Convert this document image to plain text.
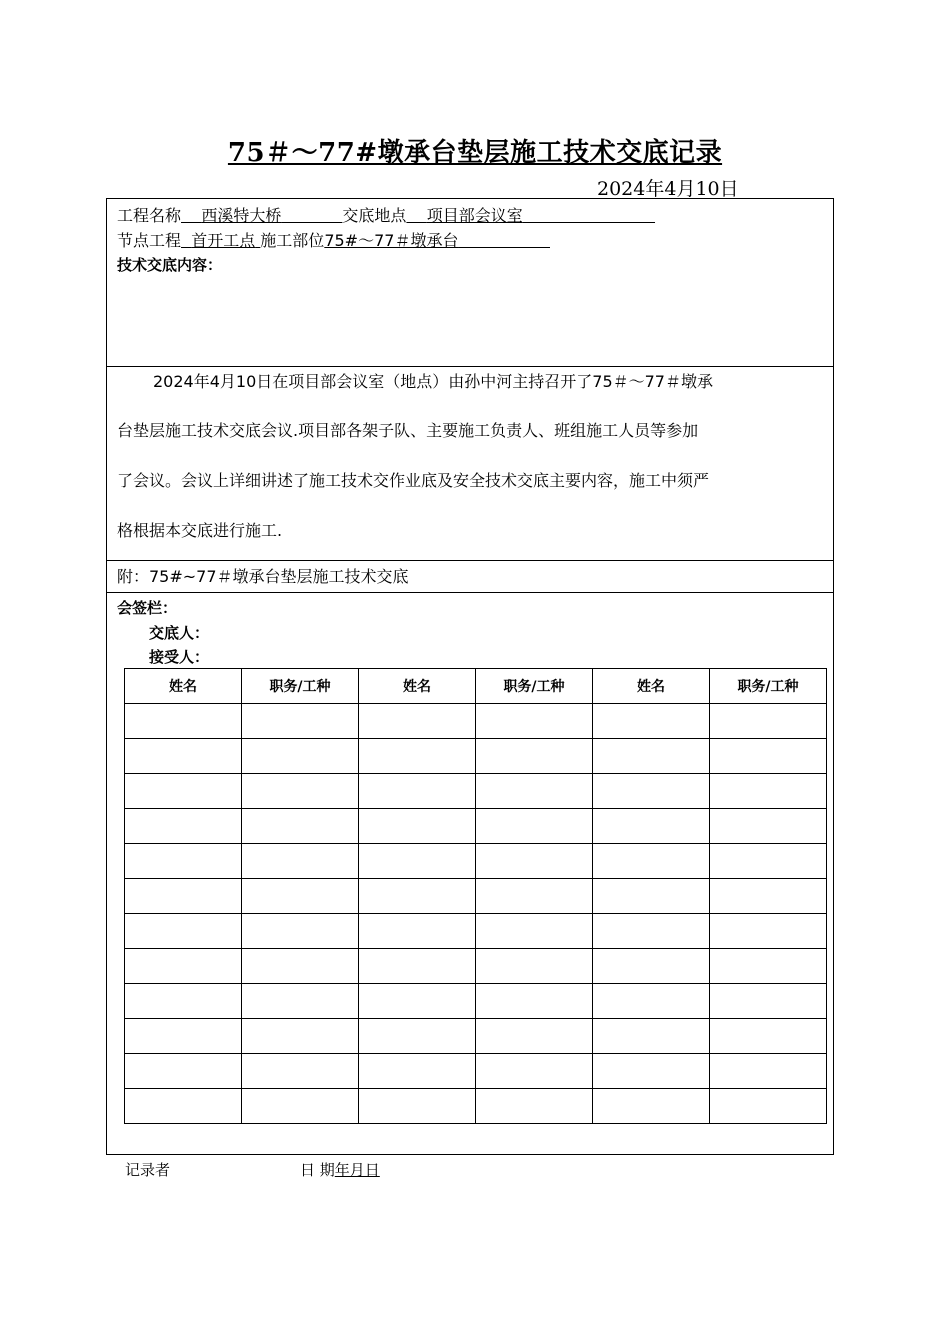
75＃～77#墩承台垫层施工技术交底记录
2024年4月10日
工程名称 西溪特大桥	交底地点 项目部会议室
节点工程 首开工点 施工部位75#～77＃墩承台
技术交底内容：
2024年4月10日在项目部会议室（地点）由孙中河主持召开了75＃～77＃墩承
台垫层施工技术交底会议.项目部各架子队、主要施工负责人、班组施工人员等参加
了会议。会议上详细讲述了施工技术交作业底及安全技术交底主要内容，施工中须严
格根据本交底进行施工.
附：75#~77＃墩承台垫层施工技术交底
会签栏：
交底人：
接受人：
姓名	职务/工种	姓名	职务/工种	姓名	职务/工种

记录者	日 期年月日
